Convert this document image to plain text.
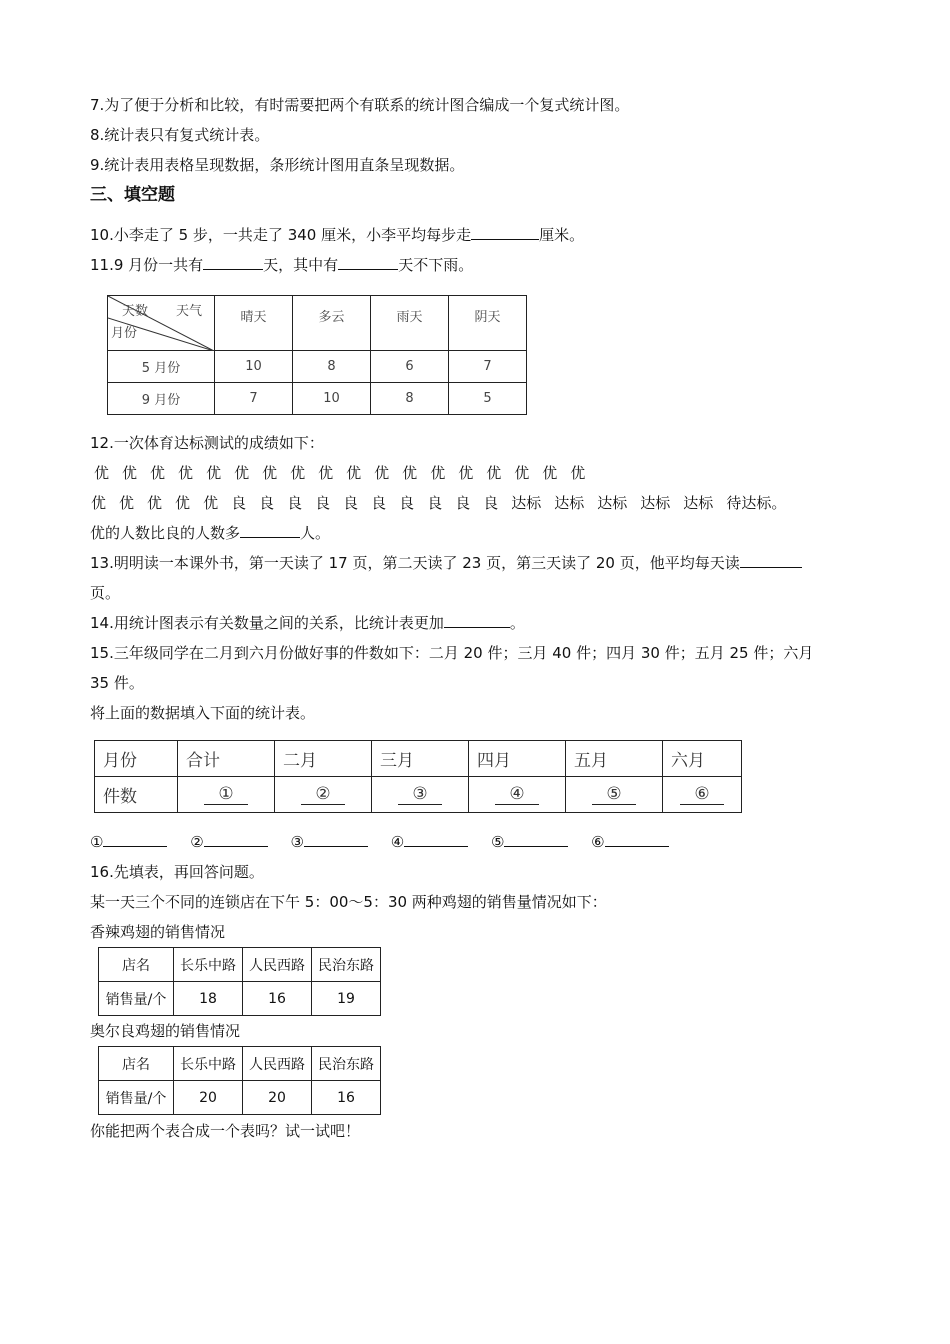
7.为了便于分析和比较，有时需要把两个有联系的统计图合编成一个复式统计图。
8.统计表只有复式统计表。
9.统计表用表格呈现数据，条形统计图用直条呈现数据。
三、填空题
10.小李走了 5 步，一共走了 340 厘米，小李平均每步走	厘米。
11.9 月份一共有	天，其中有	天不下雨。
天数 天气
月份	晴天	多云	雨天	阴天
5 月份	10	8	6	7
9 月份	7	10	8	5
12.一次体育达标测试的成绩如下：
优 优 优 优 优 优 优 优 优 优 优 优 优 优 优 优 优 优
优 优 优 优 优 良 良 良 良 良 良 良 良 良 良 达标 达标 达标 达标 达标 待达标。
优的人数比良的人数多	人。
13.明明读一本课外书，第一天读了 17 页，第二天读了 23 页，第三天读了 20 页，他平均每天读
页。
14.用统计图表示有关数量之间的关系，比统计表更加	。
15.三年级同学在二月到六月份做好事的件数如下：二月 20 件；三月 40 件；四月 30 件；五月 25 件；六月
35 件。
将上面的数据填入下面的统计表。
月份	合计	二月	三月	四月	五月	六月
件数	①	②	③	④	⑤	⑥
①	②	③	④	⑤	⑥
16.先填表，再回答问题。
某一天三个不同的连锁店在下午 5：00～5：30 两种鸡翅的销售量情况如下：
香辣鸡翅的销售情况
店名	长乐中路	人民西路	民治东路
销售量/个	18	16	19
奥尔良鸡翅的销售情况
店名	长乐中路	人民西路	民治东路
销售量/个	20	20	16
你能把两个表合成一个表吗？试一试吧！
